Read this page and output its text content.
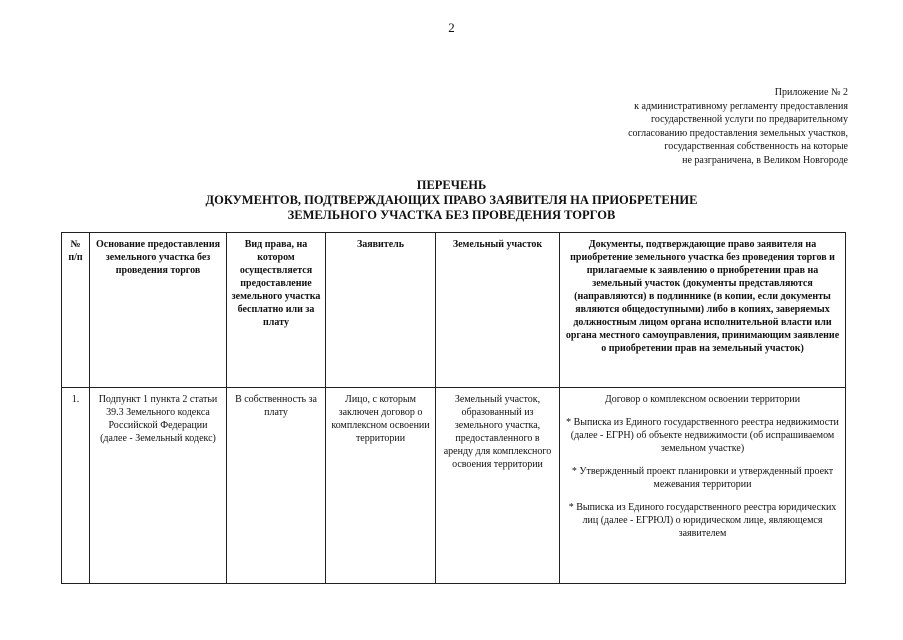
2
Приложение № 2
к административному регламенту предоставления
государственной услуги по предварительному
согласованию предоставления земельных участков,
государственная собственность на которые
не разграничена, в Великом Новгороде
ПЕРЕЧЕНЬ
ДОКУМЕНТОВ, ПОДТВЕРЖДАЮЩИХ ПРАВО ЗАЯВИТЕЛЯ НА ПРИОБРЕТЕНИЕ
ЗЕМЕЛЬНОГО УЧАСТКА БЕЗ ПРОВЕДЕНИЯ ТОРГОВ
№ п/п	Основание предоставления земельного участка без проведения торгов	Вид права, на котором осуществляется предоставление земельного участка бесплатно или за плату	Заявитель	Земельный участок	Документы, подтверждающие право заявителя на приобретение земельного участка без проведения торгов и прилагаемые к заявлению о приобретении прав на земельный участок (документы представляются (направляются) в подлиннике (в копии, если документы являются общедоступными) либо в копиях, заверяемых должностным лицом органа исполнительной власти или органа местного самоуправления, принимающим заявление о приобретении прав на земельный участок)
1.	Подпункт 1 пункта 2 статьи 39.3 Земельного кодекса Российской Федерации (далее - Земельный кодекс)	В собственность за плату	Лицо, с которым заключен договор о комплексном освоении территории	Земельный участок, образованный из земельного участка, предоставленного в аренду для комплексного освоения территории	Договор о комплексном освоении территории
* Выписка из Единого государственного реестра недвижимости (далее - ЕГРН) об объекте недвижимости (об испрашиваемом земельном участке)
* Утвержденный проект планировки и утвержденный проект межевания территории
* Выписка из Единого государственного реестра юридических лиц (далее - ЕГРЮЛ) о юридическом лице, являющемся заявителем
